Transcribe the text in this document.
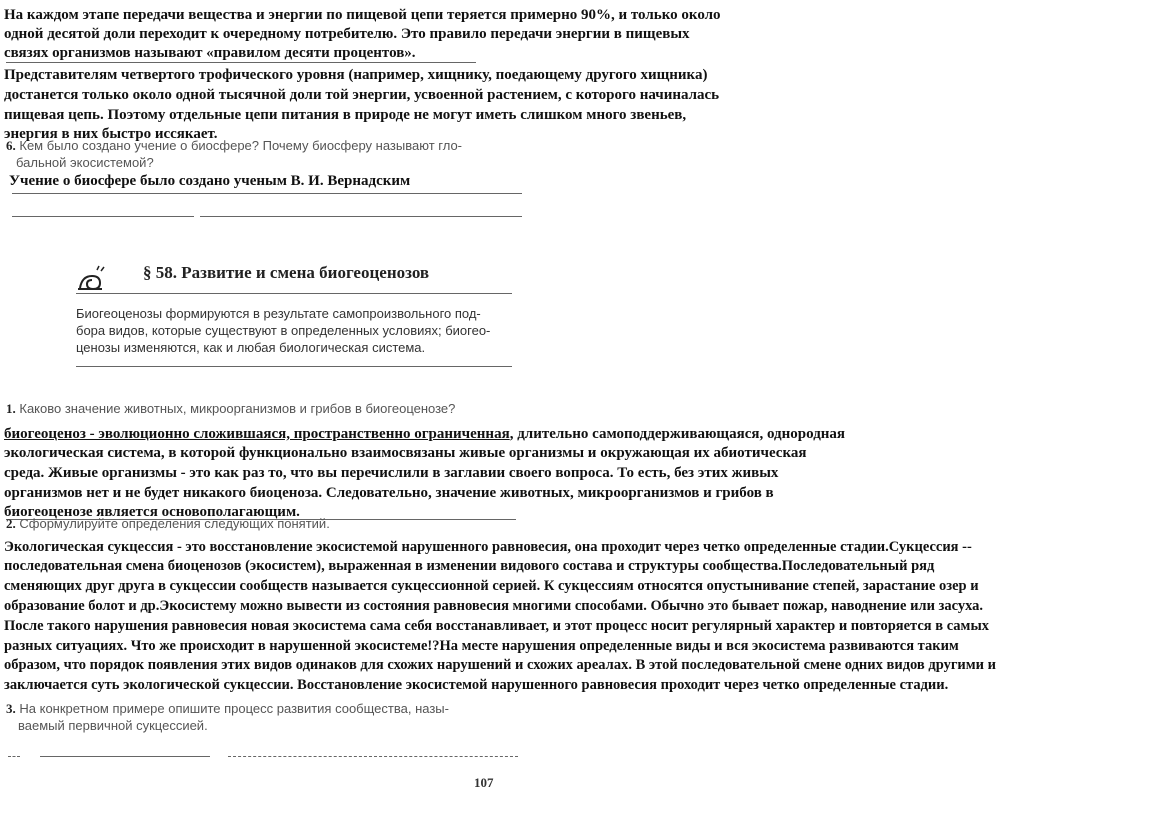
На каждом этапе передачи вещества и энергии по пищевой цепи теряется примерно 90%, и только около
одной десятой доли переходит к очередному потребителю. Это правило передачи энергии в пищевых
связях организмов называют «правилом десяти процентов».
Представителям четвертого трофического уровня (например, хищнику, поедающему другого хищника)
достанется только около одной тысячной доли той энергии, усвоенной растением, с которого начиналась
пищевая цепь. Поэтому отдельные цепи питания в природе не могут иметь слишком много звеньев,
энергия в них быстро иссякает.
6. Кем было создано учение о биосфере? Почему биосферу называют гло-
бальной экосистемой?
Учение о биосфере было создано ученым В. И. Вернадским
§ 58. Развитие и смена биогеоценозов
Биогеоценозы формируются в результате самопроизвольного под-
бора видов, которые существуют в определенных условиях; биогео-
ценозы изменяются, как и любая биологическая система.
1. Каково значение животных, микроорганизмов и грибов в биогеоценозе?
биогеоценоз - эволюционно сложившаяся, пространственно ограниченная, длительно самоподдерживающаяся, однородная
экологическая система, в которой функционально взаимосвязаны живые организмы и окружающая их абиотическая
среда. Живые организмы - это как раз то, что вы перечислили в заглавии своего вопроса. То есть, без этих живых
организмов нет и не будет никакого биоценоза. Следовательно, значение животных, микроорганизмов и грибов в
биогеоценозе является основополагающим.
2. Сформулируйте определения следующих понятий.
Экологическая сукцессия - это восстановление экосистемой нарушенного равновесия, она проходит через четко определенные стадии.Сукцессия --
последовательная смена биоценозов (экосистем), выраженная в изменении видового состава и структуры сообщества.Последовательный ряд
сменяющих друг друга в сукцессии сообществ называется сукцессионной серией. К сукцессиям относятся опустынивание степей, зарастание озер и
образование болот и др.Экосистему можно вывести из состояния равновесия многими способами. Обычно это бывает пожар, наводнение или засуха.
После такого нарушения равновесия новая экосистема сама себя восстанавливает, и этот процесс носит регулярный характер и повторяется в самых
разных ситуациях. Что же происходит в нарушенной экосистеме!?На месте нарушения определенные виды и вся экосистема развиваются таким
образом, что порядок появления этих видов одинаков для схожих нарушений и схожих ареалах. В этой последовательной смене одних видов другими и
заключается суть экологической сукцессии. Восстановление экосистемой нарушенного равновесия проходит через четко определенные стадии.
3. На конкретном примере опишите процесс развития сообщества, назы-
ваемый первичной сукцессией.
107
